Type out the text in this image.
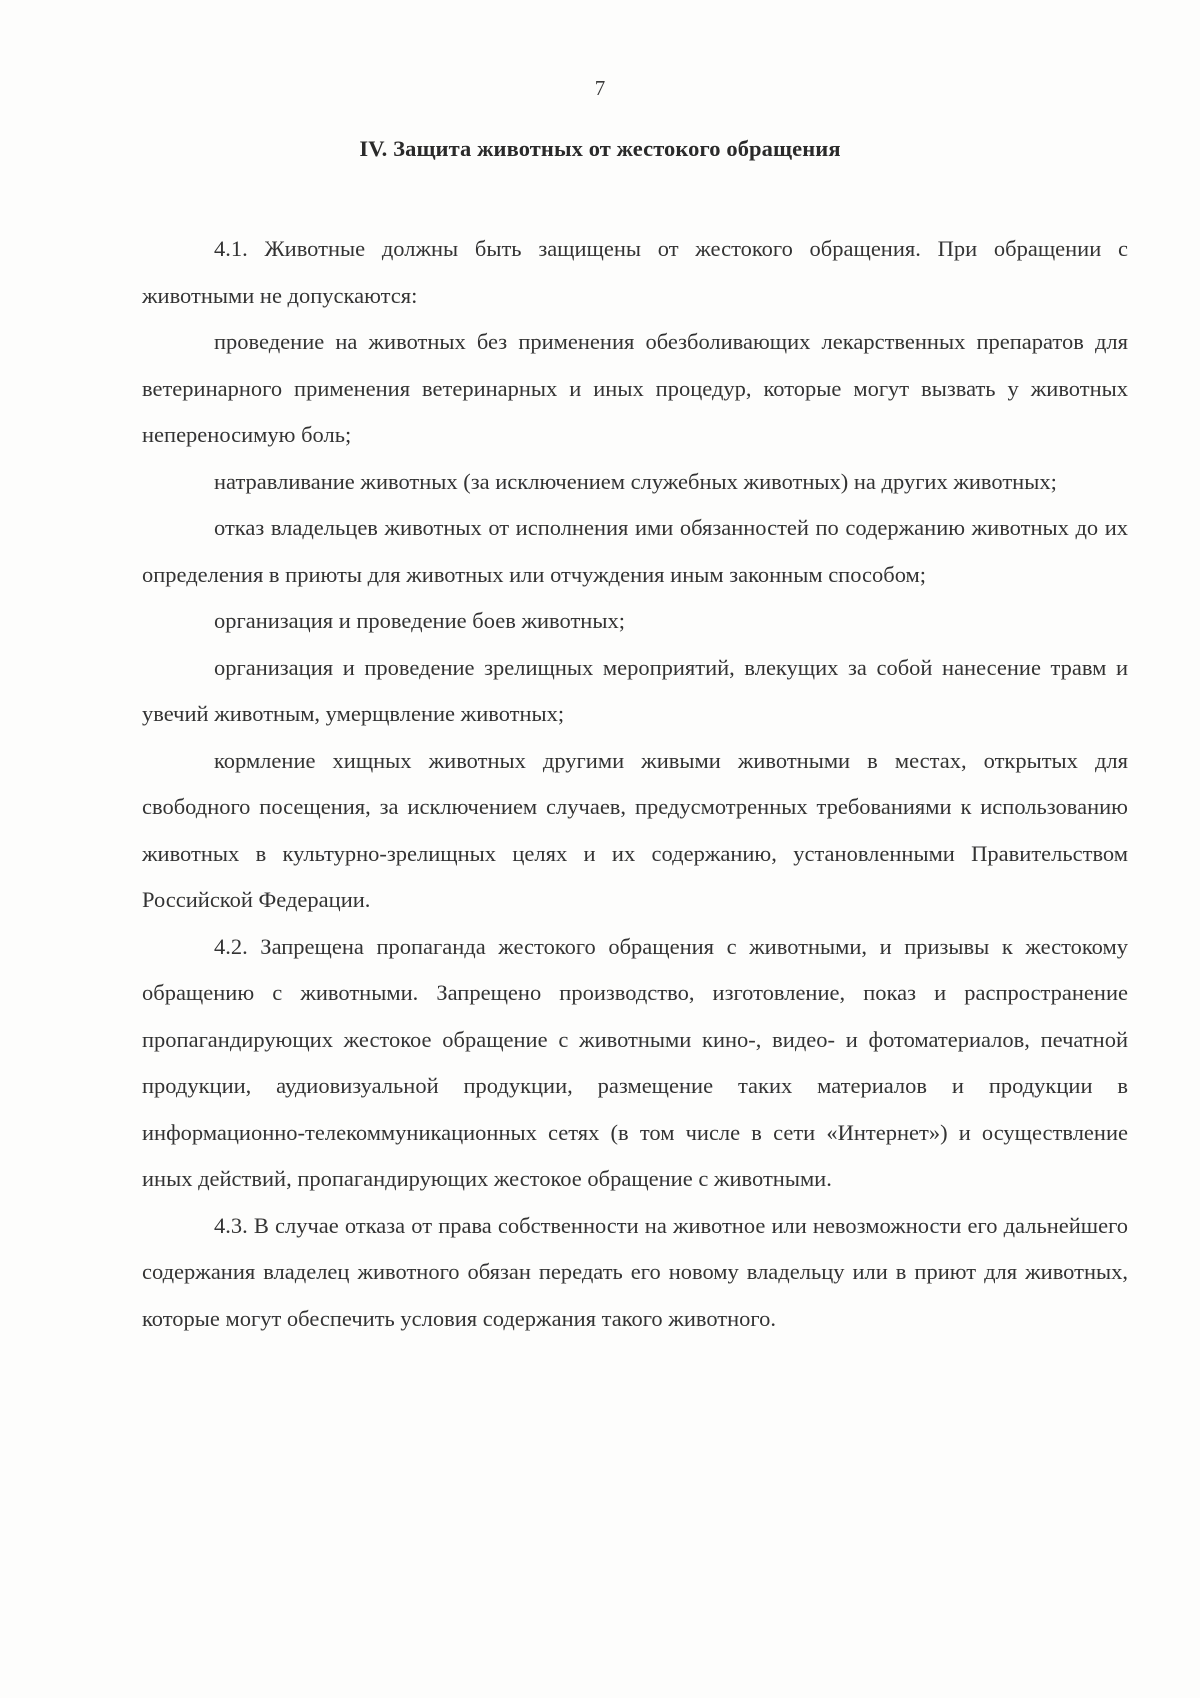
7
IV. Защита животных от жестокого обращения

4.1. Животные должны быть защищены от жестокого обращения. При обращении с животными не допускаются:

проведение на животных без применения обезболивающих лекарственных препаратов для ветеринарного применения ветеринарных и иных процедур, которые могут вызвать у животных непереносимую боль;

натравливание животных (за исключением служебных животных) на других животных;

отказ владельцев животных от исполнения ими обязанностей по содержанию животных до их определения в приюты для животных или отчуждения иным законным способом;

организация и проведение боев животных;

организация и проведение зрелищных мероприятий, влекущих за собой нанесение травм и увечий животным, умерщвление животных;

кормление хищных животных другими живыми животными в местах, открытых для свободного посещения, за исключением случаев, предусмотренных требованиями к использованию животных в культурно-зрелищных целях и их содержанию, установленными Правительством Российской Федерации.

4.2. Запрещена пропаганда жестокого обращения с животными, и призывы к жестокому обращению с животными. Запрещено производство, изготовление, показ и распространение пропагандирующих жестокое обращение с животными кино-, видео- и фотоматериалов, печатной продукции, аудиовизуальной продукции, размещение таких материалов и продукции в информационно-телекоммуникационных сетях (в том числе в сети «Интернет») и осуществление иных действий, пропагандирующих жестокое обращение с животными.

4.3. В случае отказа от права собственности на животное или невозможности его дальнейшего содержания владелец животного обязан передать его новому владельцу или в приют для животных, которые могут обеспечить условия содержания такого животного.
